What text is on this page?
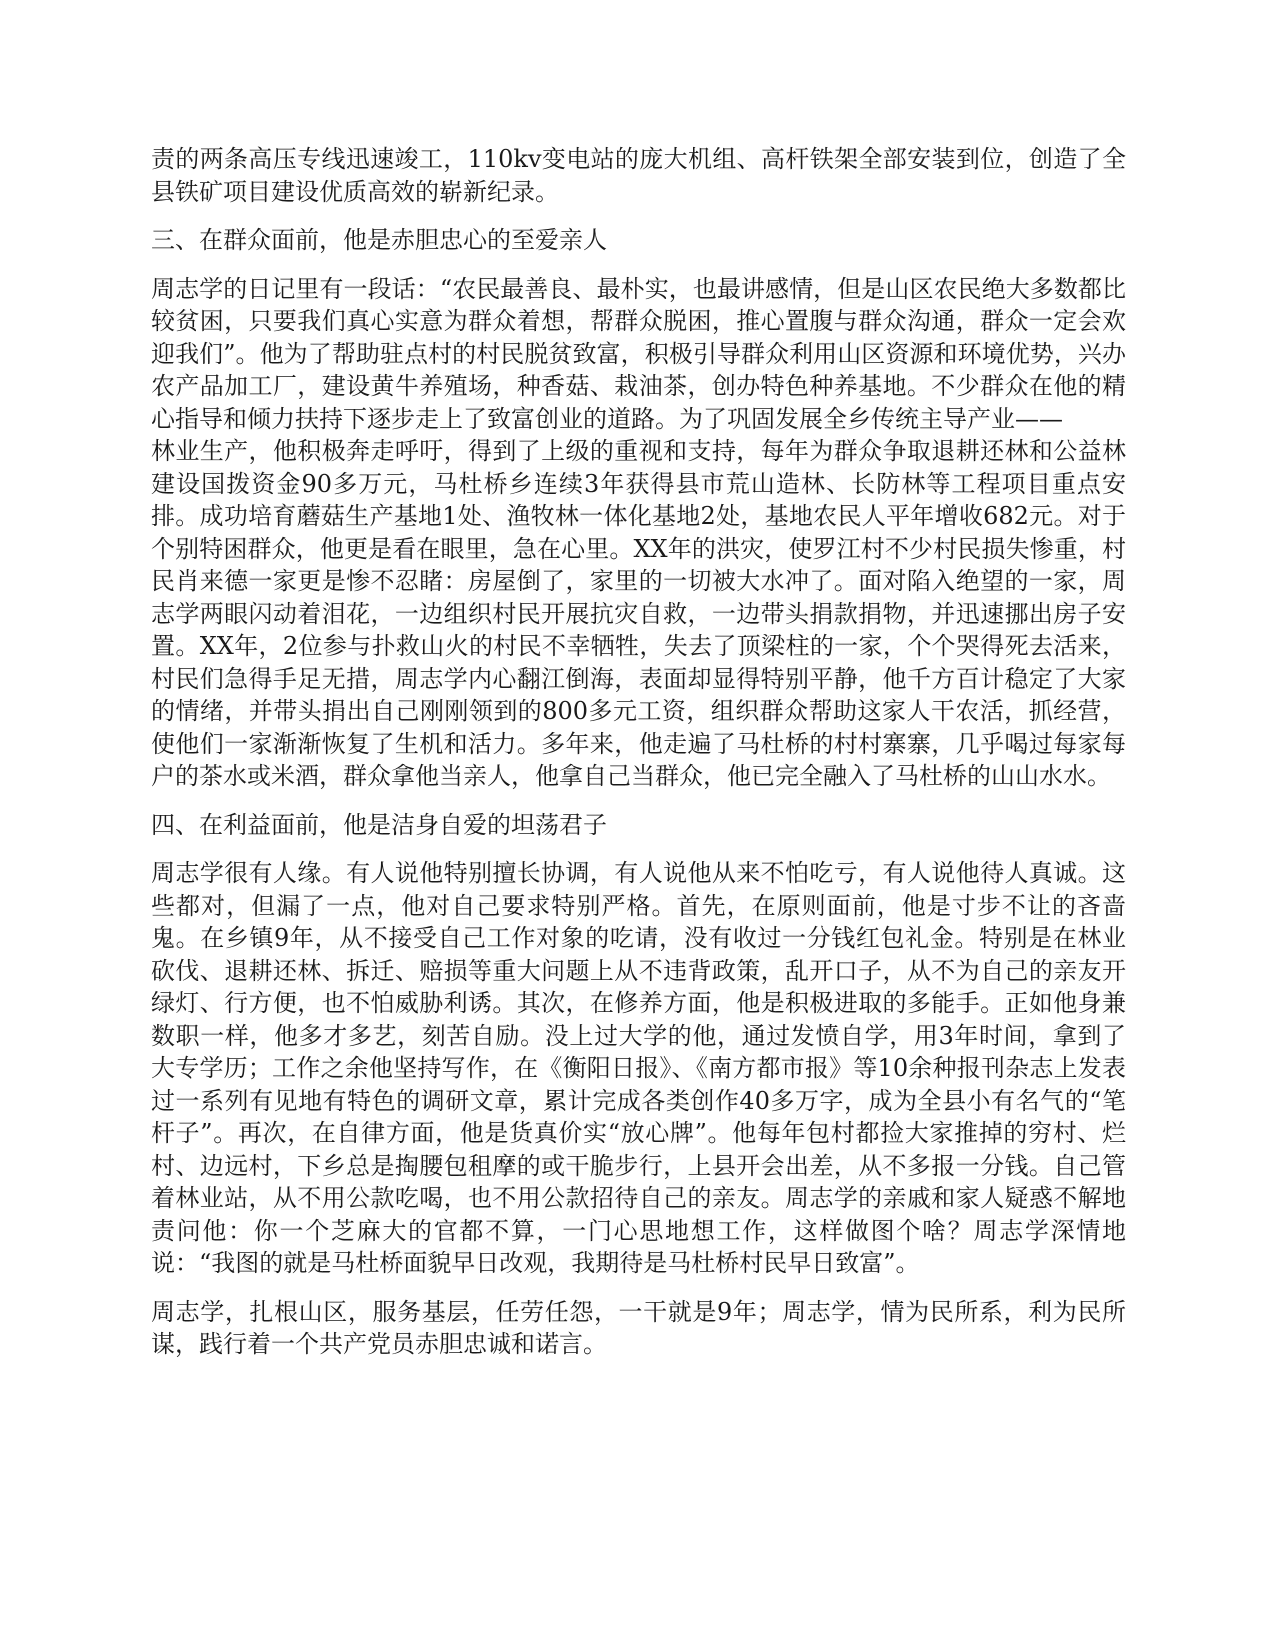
责的两条高压专线迅速竣工，110kv变电站的庞大机组、高杆铁架全部安装到位，创造了全县铁矿项目建设优质高效的崭新纪录。

三、在群众面前，他是赤胆忠心的至爱亲人

周志学的日记里有一段话：“农民最善良、最朴实，也最讲感情，但是山区农民绝大多数都比较贫困，只要我们真心实意为群众着想，帮群众脱困，推心置腹与群众沟通，群众一定会欢迎我们”。他为了帮助驻点村的村民脱贫致富，积极引导群众利用山区资源和环境优势，兴办农产品加工厂，建设黄牛养殖场，种香菇、栽油茶，创办特色种养基地。不少群众在他的精心指导和倾力扶持下逐步走上了致富创业的道路。为了巩固发展全乡传统主导产业——

林业生产，他积极奔走呼吁，得到了上级的重视和支持，每年为群众争取退耕还林和公益林建设国拨资金90多万元，马杜桥乡连续3年获得县市荒山造林、长防林等工程项目重点安排。成功培育蘑菇生产基地1处、渔牧林一体化基地2处，基地农民人平年增收682元。对于个别特困群众，他更是看在眼里，急在心里。XX年的洪灾，使罗江村不少村民损失惨重，村民肖来德一家更是惨不忍睹：房屋倒了，家里的一切被大水冲了。面对陷入绝望的一家，周志学两眼闪动着泪花，一边组织村民开展抗灾自救，一边带头捐款捐物，并迅速挪出房子安置。XX年，2位参与扑救山火的村民不幸牺牲，失去了顶梁柱的一家，个个哭得死去活来，村民们急得手足无措，周志学内心翻江倒海，表面却显得特别平静，他千方百计稳定了大家的情绪，并带头捐出自己刚刚领到的800多元工资，组织群众帮助这家人干农活，抓经营，使他们一家渐渐恢复了生机和活力。多年来，他走遍了马杜桥的村村寨寨，几乎喝过每家每户的茶水或米酒，群众拿他当亲人，他拿自己当群众，他已完全融入了马杜桥的山山水水。

四、在利益面前，他是洁身自爱的坦荡君子

周志学很有人缘。有人说他特别擅长协调，有人说他从来不怕吃亏，有人说他待人真诚。这些都对，但漏了一点，他对自己要求特别严格。首先，在原则面前，他是寸步不让的吝啬鬼。在乡镇9年，从不接受自己工作对象的吃请，没有收过一分钱红包礼金。特别是在林业砍伐、退耕还林、拆迁、赔损等重大问题上从不违背政策，乱开口子，从不为自己的亲友开绿灯、行方便，也不怕威胁利诱。其次，在修养方面，他是积极进取的多能手。正如他身兼数职一样，他多才多艺，刻苦自励。没上过大学的他，通过发愤自学，用3年时间，拿到了大专学历；工作之余他坚持写作，在《衡阳日报》、《南方都市报》等10余种报刊杂志上发表过一系列有见地有特色的调研文章，累计完成各类创作40多万字，成为全县小有名气的“笔杆子”。再次，在自律方面，他是货真价实“放心牌”。他每年包村都捡大家推掉的穷村、烂村、边远村，下乡总是掏腰包租摩的或干脆步行，上县开会出差，从不多报一分钱。自己管着林业站，从不用公款吃喝，也不用公款招待自己的亲友。周志学的亲戚和家人疑惑不解地责问他：你一个芝麻大的官都不算，一门心思地想工作，这样做图个啥？周志学深情地说：“我图的就是马杜桥面貌早日改观，我期待是马杜桥村民早日致富”。

周志学，扎根山区，服务基层，任劳任怨，一干就是9年；周志学，情为民所系，利为民所谋，践行着一个共产党员赤胆忠诚和诺言。
